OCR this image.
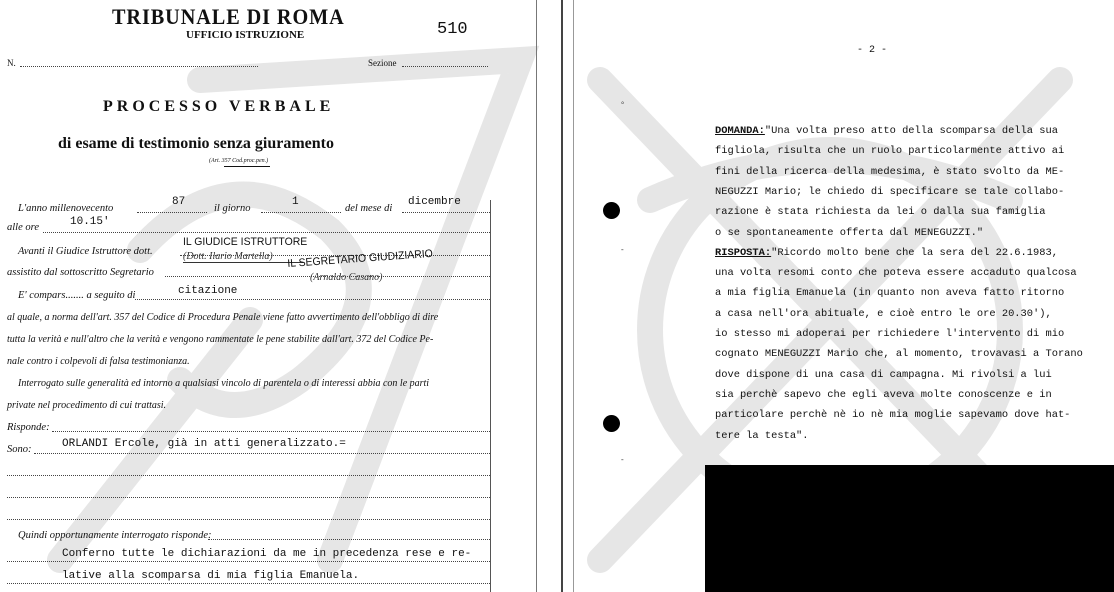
TRIBUNALE DI ROMA
UFFICIO ISTRUZIONE	510
N.	Sezione
PROCESSO VERBALE
di esame di testimonio senza giuramento
(Art. 357 Cod.proc.pen.)
L'anno millenovecento
87
il giorno
1
del mese di
dicembre
alle ore	10.15'
Avanti il Giudice Istruttore dott.
IL GIUDICE ISTRUTTORE
(Dott. Ilario Martella)
assistito dal sottoscritto Segretario
IL SEGRETARIO GIUDIZIARIO
(Arnaldo Casano)
E' compars....... a seguito di	citazione
al quale, a norma dell'art. 357 del Codice di Procedura Penale viene fatto avvertimento dell'obbligo di dire
tutta la verità e null'altro che la verità e vengono rammentate le pene stabilite dall'art. 372 del Codice Pe-
nale contro i colpevoli di falsa testimonianza.
Interrogato sulle generalità ed intorno a qualsiasi vincolo di parentela o di interessi abbia con le parti
private nel procedimento di cui trattasi.
Risponde:
Sono:	ORLANDI Ercole, già in atti generalizzato.=
Quindi opportunamente interrogato risponde:
Conferno tutte le dichiarazioni da me in precedenza rese e re-
lative alla scomparsa di mia figlia Emanuela.
- 2 -
°
-
-
DOMANDA:"Una volta preso atto della scomparsa della sua
figliola, risulta che un ruolo particolarmente attivo ai
fini della ricerca della medesima, è stato svolto da ME-
NEGUZZI Mario; le chiedo di specificare se tale collabo-
razione è stata richiesta da lei o dalla sua famiglia
o se spontaneamente offerta dal MENEGUZZI."
RISPOSTA:"Ricordo molto bene che la sera del 22.6.1983,
una volta resomi conto che poteva essere accaduto qualcosa
a mia figlia Emanuela (in quanto non aveva fatto ritorno
a casa nell'ora abituale, e cioè entro le ore 20.30'),
io stesso mi adoperai per richiedere l'intervento di mio
cognato MENEGUZZI Mario che, al momento, trovavasi a Torano
dove dispone di una casa di campagna. Mi rivolsi a lui
sia perchè sapevo che egli aveva molte conoscenze e in
particolare perchè nè io nè mia moglie sapevamo dove hat-
tere la testa".
